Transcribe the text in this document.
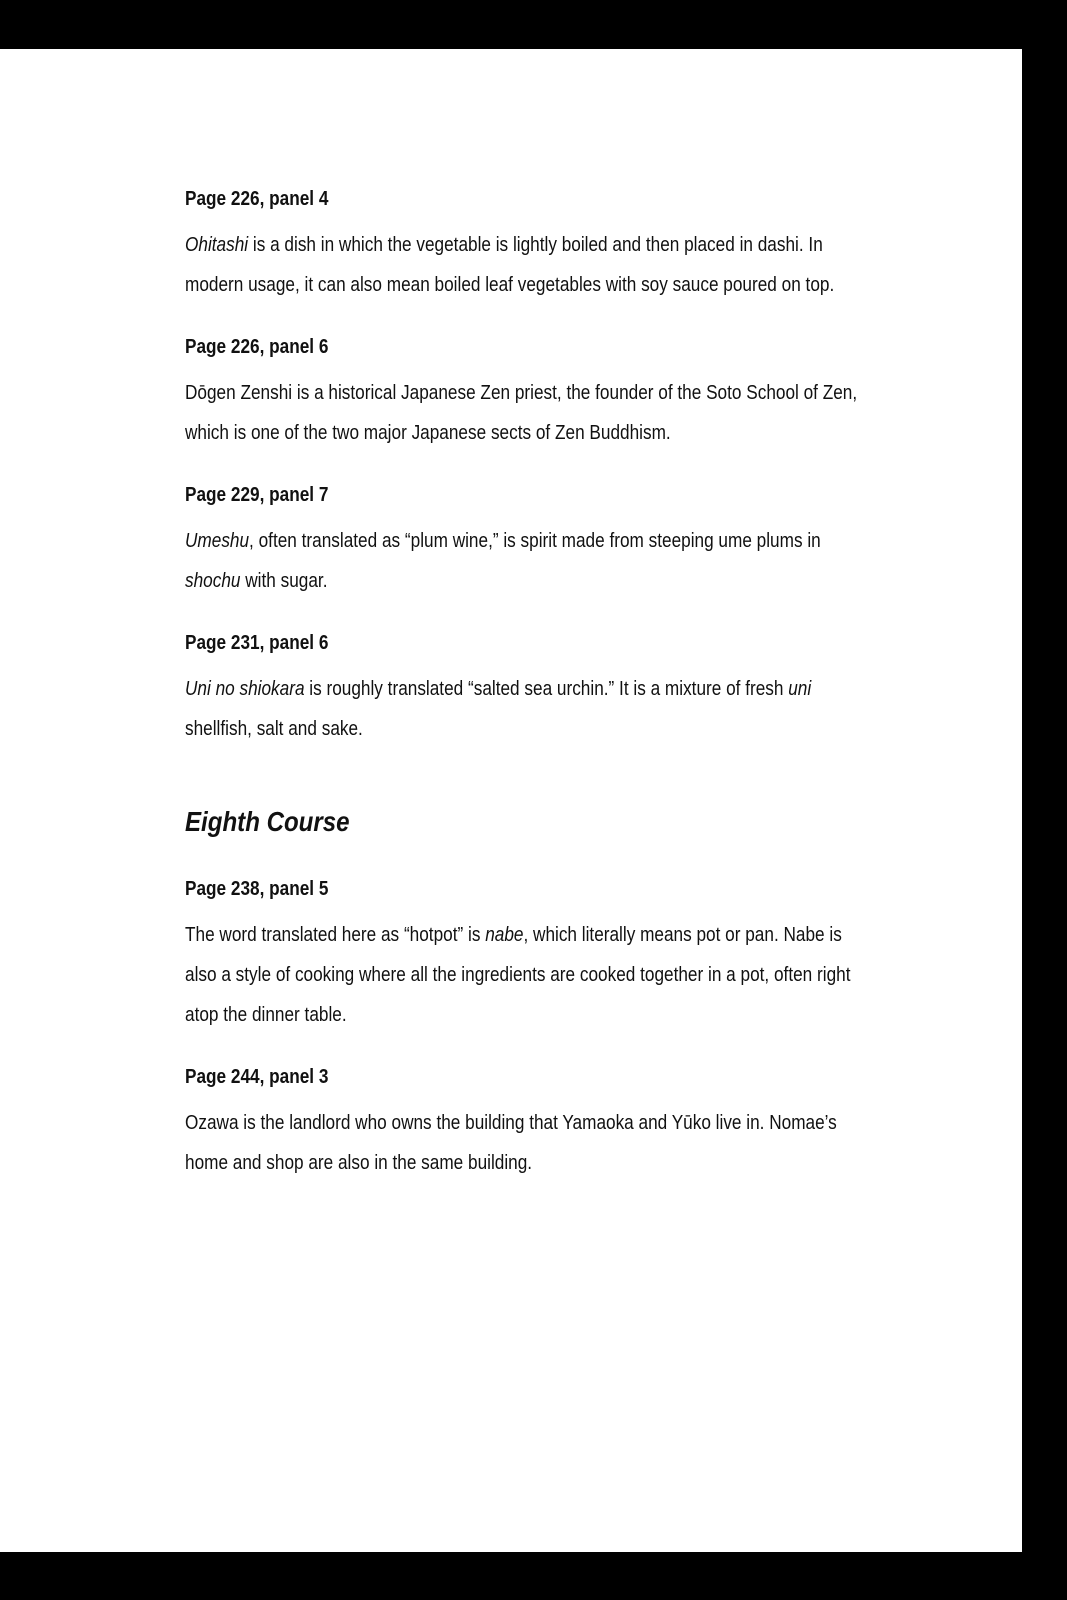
Page 226, panel 4

Ohitashi is a dish in which the vegetable is lightly boiled and then placed in dashi. In modern usage, it can also mean boiled leaf vegetables with soy sauce poured on top.

Page 226, panel 6

Dōgen Zenshi is a historical Japanese Zen priest, the founder of the Soto School of Zen, which is one of the two major Japanese sects of Zen Buddhism.

Page 229, panel 7

Umeshu, often translated as “plum wine,” is spirit made from steeping ume plums in shochu with sugar.

Page 231, panel 6

Uni no shiokara is roughly translated “salted sea urchin.” It is a mixture of fresh uni shellfish, salt and sake.

Eighth Course
Page 238, panel 5

The word translated here as “hotpot” is nabe, which literally means pot or pan. Nabe is also a style of cooking where all the ingredients are cooked together in a pot, often right atop the dinner table.

Page 244, panel 3

Ozawa is the landlord who owns the building that Yamaoka and Yūko live in. Nomae’s home and shop are also in the same building.
